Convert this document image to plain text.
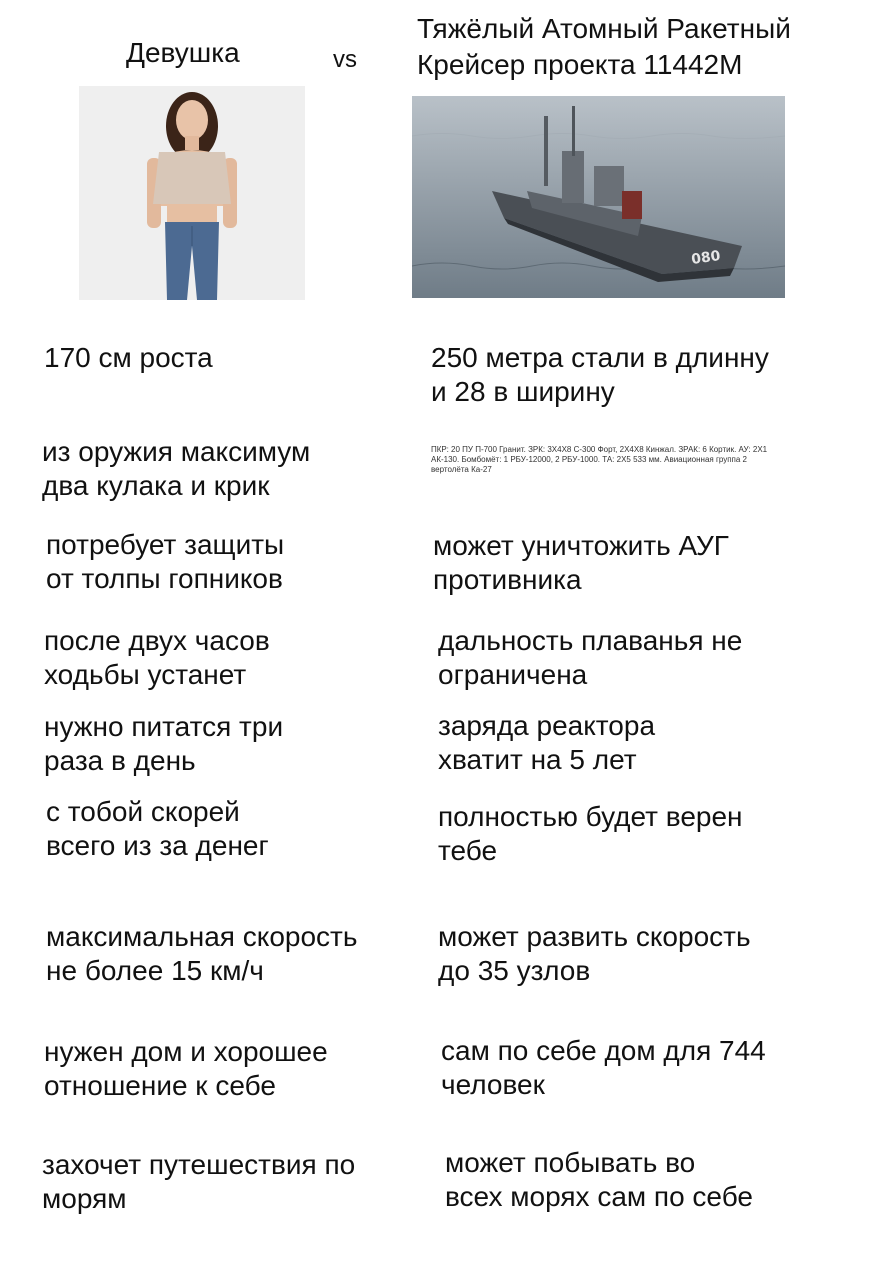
Девушка	vs
Тяжёлый Атомный Ракетный
Крейсер проекта 11442М
080
170 см роста	250 метра стали в длинну
и 28 в ширину
из оружия максимум
два кулака и крик
ПКР: 20 ПУ П-700 Гранит. ЗРК: 3Х4Х8 С-300 Форт, 2Х4Х8 Кинжал. ЗРАК: 6 Кортик. АУ: 2Х1 АК-130. Бомбомёт: 1 РБУ-12000, 2 РБУ-1000. ТА: 2Х5 533 мм. Авиационная группа 2 вертолёта Ка-27
потребует защиты
от толпы гопников
может уничтожить АУГ
противника
после двух часов
ходьбы устанет
дальность плаванья не
ограничена
нужно питатся три
раза в день
заряда реактора
хватит на 5 лет
с тобой скорей
всего из за денег
полностью будет верен
тебе
максимальная скорость
не более 15 км/ч
может развить скорость
до 35 узлов
нужен дом и хорошее
отношение к себе
сам по себе дом для 744
человек
захочет путешествия по
морям
может побывать во
всех морях сам по себе
